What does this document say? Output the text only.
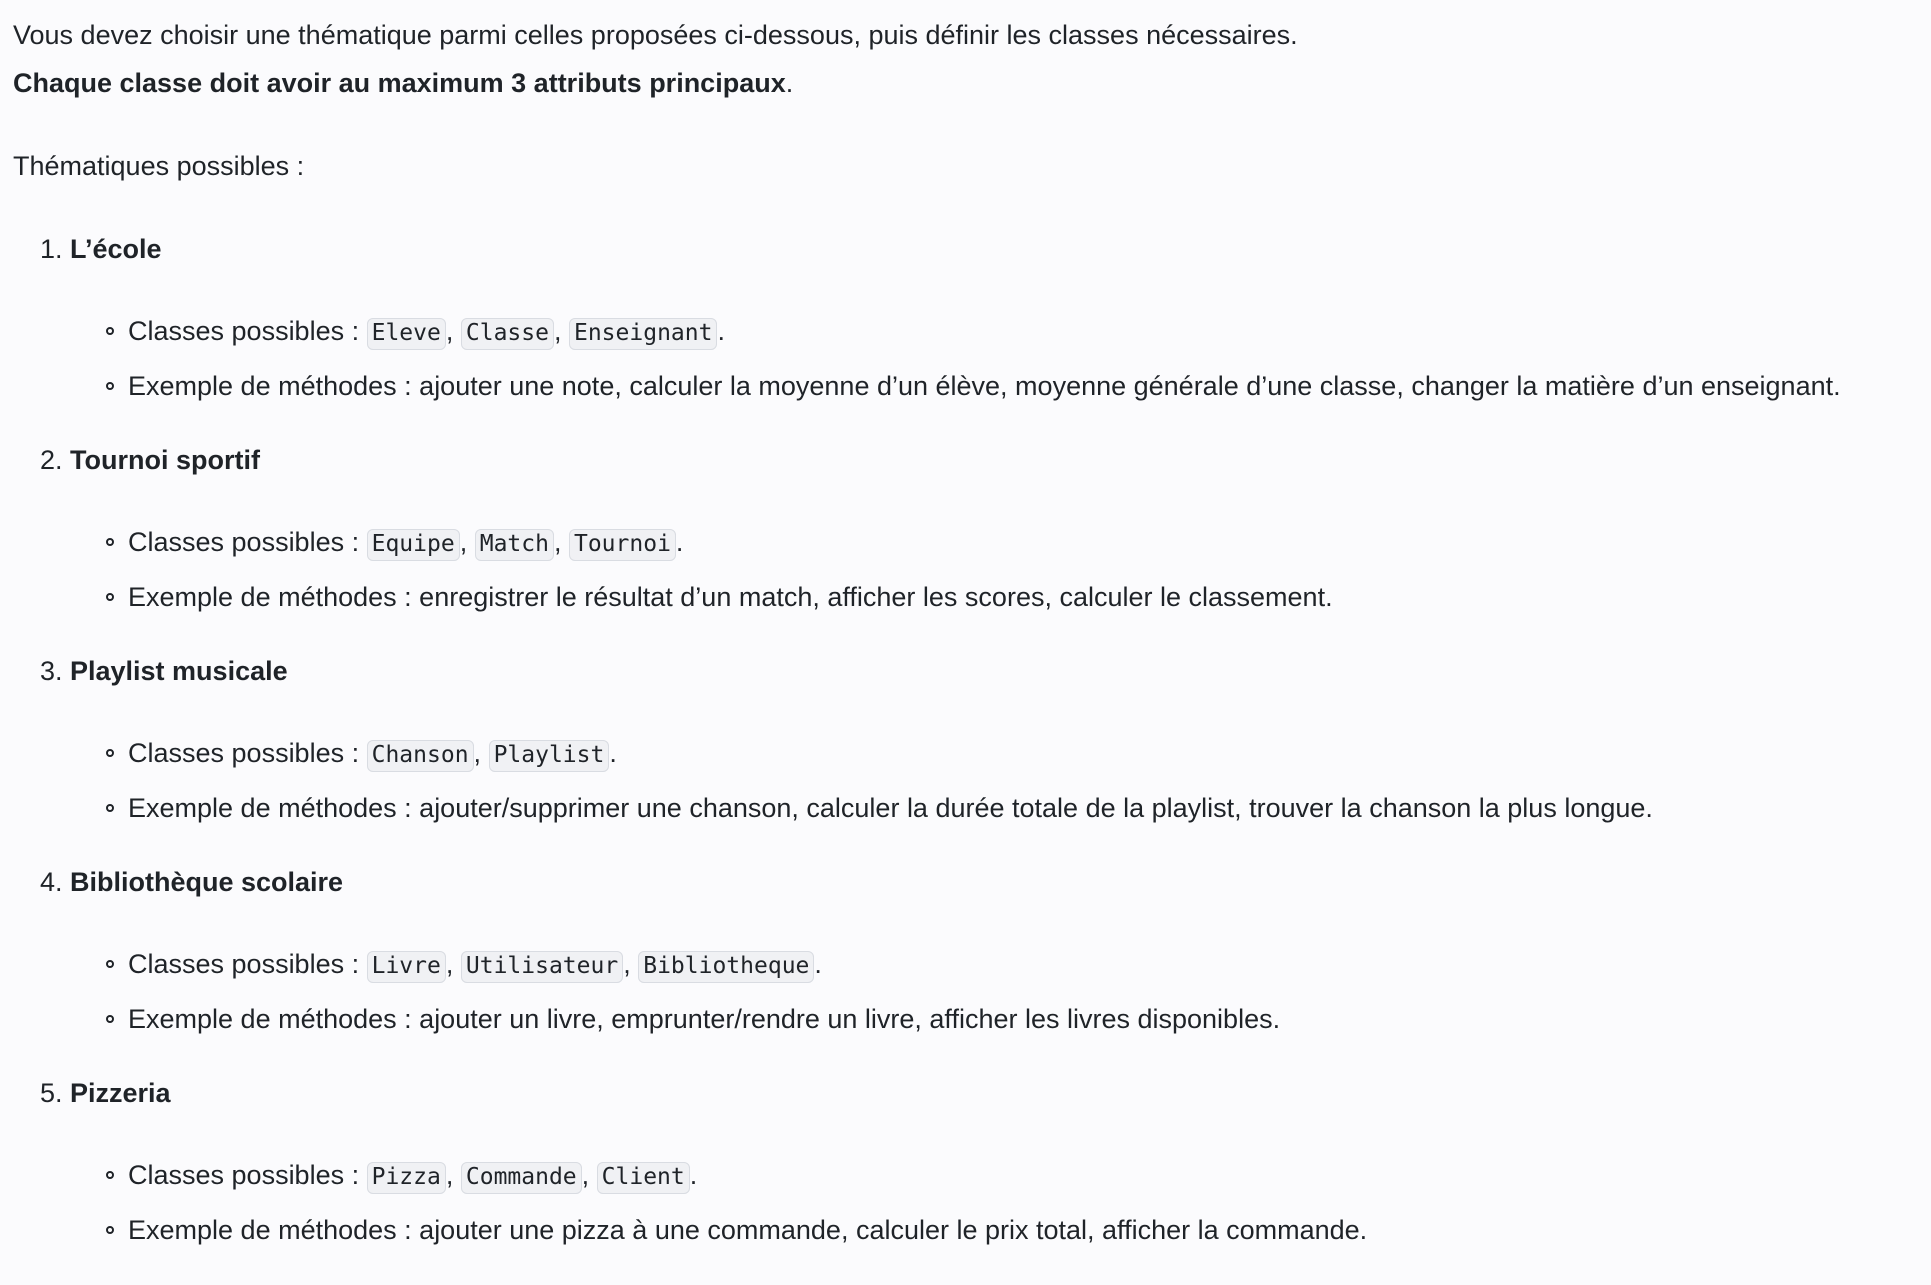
Vous devez choisir une thématique parmi celles proposées ci-dessous, puis définir les classes nécessaires.

Chaque classe doit avoir au maximum 3 attributs principaux.

Thématiques possibles :

1. L’école
Classes possibles : Eleve , Classe , Enseignant .
Exemple de méthodes : ajouter une note, calculer la moyenne d’un élève, moyenne générale d’une classe, changer la matière d’un enseignant.
2. Tournoi sportif
Classes possibles : Equipe , Match , Tournoi .
Exemple de méthodes : enregistrer le résultat d’un match, afficher les scores, calculer le classement.
3. Playlist musicale
Classes possibles : Chanson , Playlist .
Exemple de méthodes : ajouter/supprimer une chanson, calculer la durée totale de la playlist, trouver la chanson la plus longue.
4. Bibliothèque scolaire
Classes possibles : Livre , Utilisateur , Bibliotheque .
Exemple de méthodes : ajouter un livre, emprunter/rendre un livre, afficher les livres disponibles.
5. Pizzeria
Classes possibles : Pizza , Commande , Client .
Exemple de méthodes : ajouter une pizza à une commande, calculer le prix total, afficher la commande.
